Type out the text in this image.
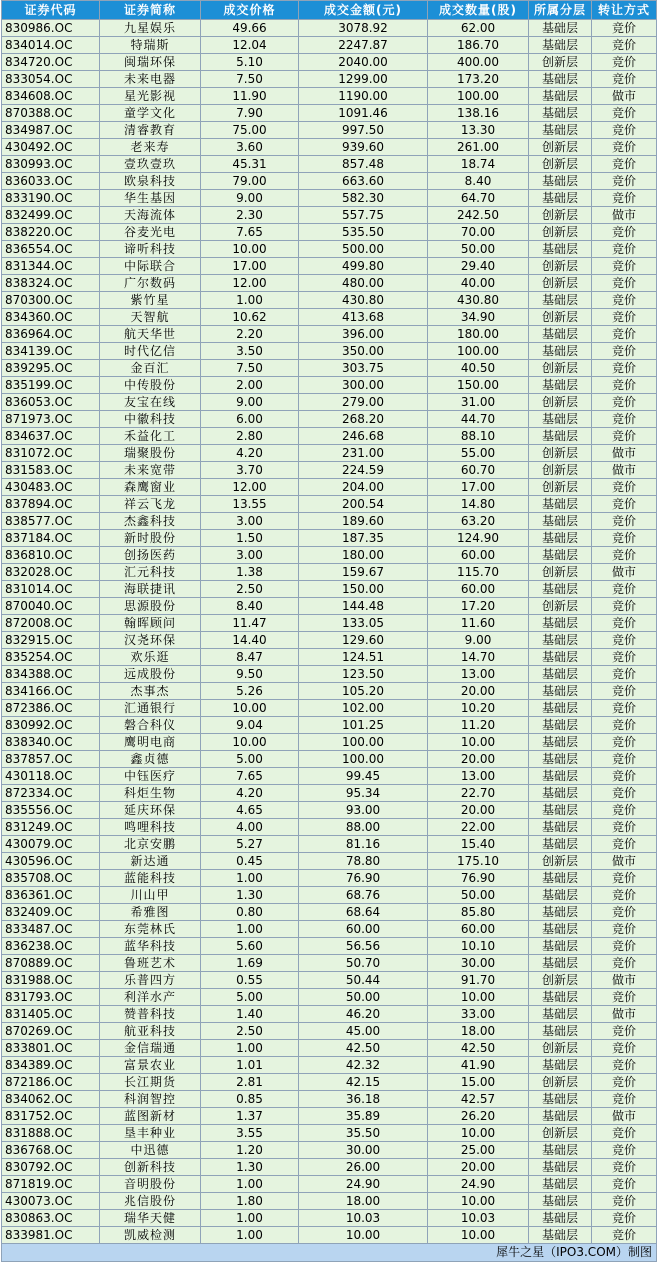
证券代码	证券简称	成交价格	成交金额(元)	成交数量(股)	所属分层	转让方式
830986.OC	九星娱乐	49.66	3078.92	62.00	基础层	竞价
834014.OC	特瑞斯	12.04	2247.87	186.70	基础层	竞价
834720.OC	闽瑞环保	5.10	2040.00	400.00	创新层	竞价
833054.OC	未来电器	7.50	1299.00	173.20	基础层	竞价
834608.OC	星光影视	11.90	1190.00	100.00	基础层	做市
870388.OC	童学文化	7.90	1091.46	138.16	基础层	竞价
834987.OC	清睿教育	75.00	997.50	13.30	基础层	竞价
430492.OC	老来寿	3.60	939.60	261.00	创新层	竞价
830993.OC	壹玖壹玖	45.31	857.48	18.74	创新层	竞价
836033.OC	欧泉科技	79.00	663.60	8.40	基础层	竞价
833190.OC	华生基因	9.00	582.30	64.70	基础层	竞价
832499.OC	天海流体	2.30	557.75	242.50	创新层	做市
838220.OC	谷麦光电	7.65	535.50	70.00	创新层	竞价
836554.OC	谛听科技	10.00	500.00	50.00	基础层	竞价
831344.OC	中际联合	17.00	499.80	29.40	创新层	竞价
838324.OC	广尔数码	12.00	480.00	40.00	创新层	竞价
870300.OC	紫竹星	1.00	430.80	430.80	基础层	竞价
834360.OC	天智航	10.62	413.68	34.90	创新层	竞价
836964.OC	航天华世	2.20	396.00	180.00	基础层	竞价
834139.OC	时代亿信	3.50	350.00	100.00	基础层	竞价
839295.OC	金百汇	7.50	303.75	40.50	创新层	竞价
835199.OC	中传股份	2.00	300.00	150.00	基础层	竞价
836053.OC	友宝在线	9.00	279.00	31.00	创新层	竞价
871973.OC	中徽科技	6.00	268.20	44.70	基础层	竞价
834637.OC	禾益化工	2.80	246.68	88.10	基础层	竞价
831072.OC	瑞聚股份	4.20	231.00	55.00	创新层	做市
831583.OC	未来宽带	3.70	224.59	60.70	创新层	做市
430483.OC	森鹰窗业	12.00	204.00	17.00	创新层	竞价
837894.OC	祥云飞龙	13.55	200.54	14.80	基础层	竞价
838577.OC	杰鑫科技	3.00	189.60	63.20	基础层	竞价
837184.OC	新时股份	1.50	187.35	124.90	基础层	竞价
836810.OC	创扬医药	3.00	180.00	60.00	基础层	竞价
832028.OC	汇元科技	1.38	159.67	115.70	创新层	做市
831014.OC	海联捷讯	2.50	150.00	60.00	基础层	竞价
870040.OC	思源股份	8.40	144.48	17.20	创新层	竞价
872008.OC	翰晖顾问	11.47	133.05	11.60	基础层	竞价
832915.OC	汉尧环保	14.40	129.60	9.00	基础层	竞价
835254.OC	欢乐逛	8.47	124.51	14.70	基础层	竞价
834388.OC	远成股份	9.50	123.50	13.00	基础层	竞价
834166.OC	杰事杰	5.26	105.20	20.00	基础层	竞价
872386.OC	汇通银行	10.00	102.00	10.20	基础层	竞价
830992.OC	磐合科仪	9.04	101.25	11.20	基础层	竞价
838340.OC	鹰明电商	10.00	100.00	10.00	基础层	竞价
837857.OC	鑫贞德	5.00	100.00	20.00	基础层	竞价
430118.OC	中钰医疗	7.65	99.45	13.00	基础层	竞价
872334.OC	科炬生物	4.20	95.34	22.70	基础层	竞价
835556.OC	延庆环保	4.65	93.00	20.00	基础层	竞价
831249.OC	鸣哩科技	4.00	88.00	22.00	基础层	竞价
430079.OC	北京安鹏	5.27	81.16	15.40	基础层	竞价
430596.OC	新达通	0.45	78.80	175.10	创新层	做市
835708.OC	蓝能科技	1.00	76.90	76.90	基础层	竞价
836361.OC	川山甲	1.30	68.76	50.00	基础层	竞价
832409.OC	希雅图	0.80	68.64	85.80	基础层	竞价
833487.OC	东莞林氏	1.00	60.00	60.00	基础层	竞价
836238.OC	蓝华科技	5.60	56.56	10.10	基础层	竞价
870889.OC	鲁班艺术	1.69	50.70	30.00	基础层	竞价
831988.OC	乐普四方	0.55	50.44	91.70	创新层	做市
831793.OC	利洋水产	5.00	50.00	10.00	基础层	竞价
831405.OC	赞普科技	1.40	46.20	33.00	基础层	做市
870269.OC	航亚科技	2.50	45.00	18.00	基础层	竞价
833801.OC	金信瑞通	1.00	42.50	42.50	创新层	竞价
834389.OC	富景农业	1.01	42.32	41.90	基础层	竞价
872186.OC	长江期货	2.81	42.15	15.00	创新层	竞价
834062.OC	科润智控	0.85	36.18	42.57	基础层	竞价
831752.OC	蓝图新材	1.37	35.89	26.20	基础层	做市
831888.OC	垦丰种业	3.55	35.50	10.00	创新层	竞价
836768.OC	中迅德	1.20	30.00	25.00	基础层	竞价
830792.OC	创新科技	1.30	26.00	20.00	基础层	竞价
871819.OC	音明股份	1.00	24.90	24.90	基础层	竞价
430073.OC	兆信股份	1.80	18.00	10.00	基础层	竞价
830863.OC	瑞华天健	1.00	10.03	10.03	基础层	竞价
833981.OC	凯威检测	1.00	10.00	10.00	基础层	竞价
犀牛之星（IPO3.COM）制图						
